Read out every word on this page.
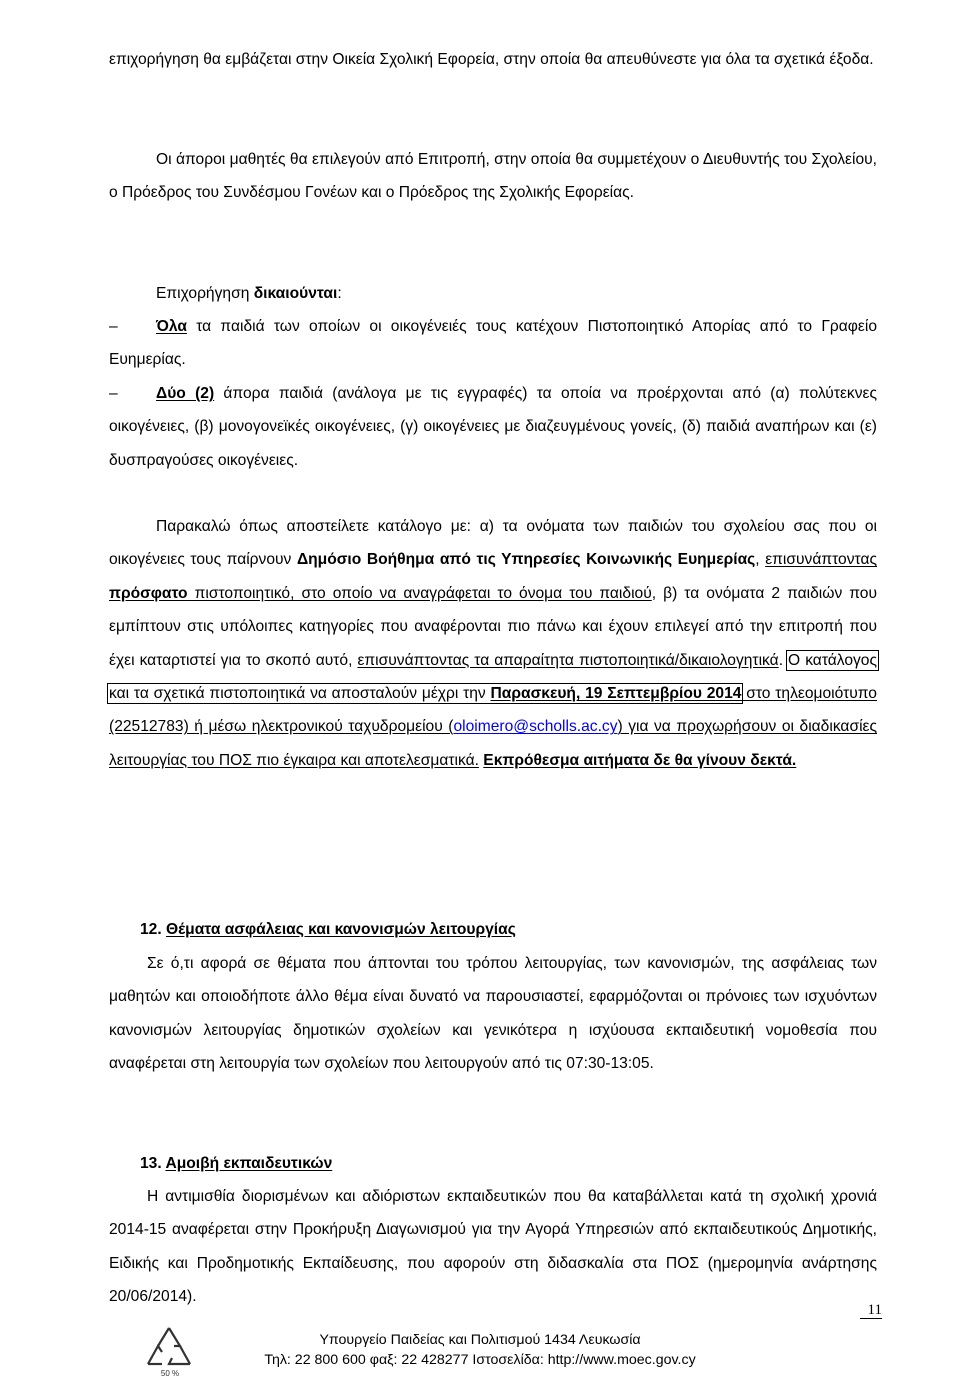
επιχορήγηση θα εμβάζεται στην Οικεία Σχολική Εφορεία, στην οποία θα απευθύνεστε για όλα τα σχετικά έξοδα.

Οι άποροι μαθητές θα επιλεγούν από Επιτροπή, στην οποία θα συμμετέχουν ο Διευθυντής του Σχολείου, ο Πρόεδρος του Συνδέσμου Γονέων και ο Πρόεδρος της Σχολικής Εφορείας.

Επιχορήγηση δικαιούνται:

– Όλα τα παιδιά των οποίων οι οικογένειές τους κατέχουν Πιστοποιητικό Απορίας από το Γραφείο Ευημερίας.

– Δύο (2) άπορα παιδιά (ανάλογα με τις εγγραφές) τα οποία να προέρχονται από (α) πολύτεκνες οικογένειες, (β) μονογονεϊκές οικογένειες, (γ) οικογένειες με διαζευγμένους γονείς, (δ) παιδιά αναπήρων και (ε) δυσπραγούσες οικογένειες.

Παρακαλώ όπως αποστείλετε κατάλογο με: α) τα ονόματα των παιδιών του σχολείου σας που οι οικογένειες τους παίρνουν Δημόσιο Βοήθημα από τις Υπηρεσίες Κοινωνικής Ευημερίας, επισυνάπτοντας πρόσφατο πιστοποιητικό, στο οποίο να αναγράφεται το όνομα του παιδιού, β) τα ονόματα 2 παιδιών που εμπίπτουν στις υπόλοιπες κατηγορίες που αναφέρονται πιο πάνω και έχουν επιλεγεί από την επιτροπή που έχει καταρτιστεί για το σκοπό αυτό, επισυνάπτοντας τα απαραίτητα πιστοποιητικά/δικαιολογητικά. Ο κατάλογος και τα σχετικά πιστοποιητικά να αποσταλούν μέχρι την Παρασκευή, 19 Σεπτεμβρίου 2014 στο τηλεομοιότυπο (22512783) ή μέσω ηλεκτρονικού ταχυδρομείου (oloimero@scholls.ac.cy) για να προχωρήσουν οι διαδικασίες λειτουργίας του ΠΟΣ πιο έγκαιρα και αποτελεσματικά. Εκπρόθεσμα αιτήματα δε θα γίνουν δεκτά.

12. Θέματα ασφάλειας και κανονισμών λειτουργίας

Σε ό,τι αφορά σε θέματα που άπτονται του τρόπου λειτουργίας, των κανονισμών, της ασφάλειας των μαθητών και οποιοδήποτε άλλο θέμα είναι δυνατό να παρουσιαστεί, εφαρμόζονται οι πρόνοιες των ισχυόντων κανονισμών λειτουργίας δημοτικών σχολείων και γενικότερα η ισχύουσα εκπαιδευτική νομοθεσία που αναφέρεται στη λειτουργία των σχολείων που λειτουργούν από τις 07:30-13:05.

13. Αμοιβή εκπαιδευτικών

Η αντιμισθία διορισμένων και αδιόριστων εκπαιδευτικών που θα καταβάλλεται κατά τη σχολική χρονιά 2014-15 αναφέρεται στην Προκήρυξη Διαγωνισμού για την Αγορά Υπηρεσιών από εκπαιδευτικούς Δημοτικής, Ειδικής και Προδημοτικής Εκπαίδευσης, που αφορούν στη διδασκαλία στα ΠΟΣ (ημερομηνία ανάρτησης 20/06/2014).

11
50 %
Υπουργείο Παιδείας και Πολιτισμού 1434 Λευκωσία
Τηλ: 22 800 600 φαξ: 22 428277 Ιστοσελίδα: http://www.moec.gov.cy
